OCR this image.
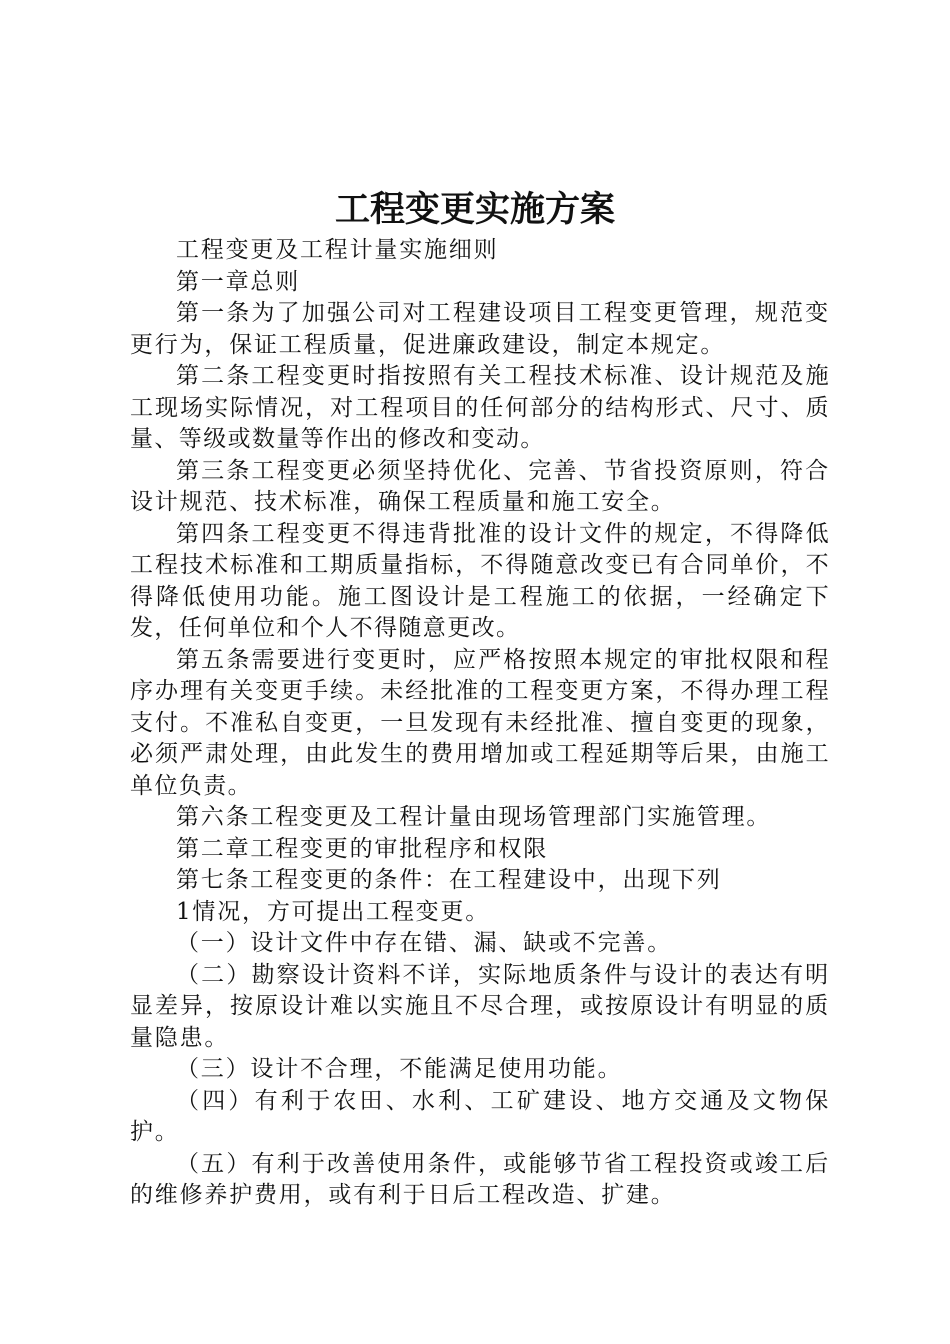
工程变更实施方案

工程变更及工程计量实施细则

第一章总则

第一条为了加强公司对工程建设项目工程变更管理，规范变更行为，保证工程质量，促进廉政建设，制定本规定。

第二条工程变更时指按照有关工程技术标准、设计规范及施工现场实际情况，对工程项目的任何部分的结构形式、尺寸、质量、等级或数量等作出的修改和变动。

第三条工程变更必须坚持优化、完善、节省投资原则，符合设计规范、技术标准，确保工程质量和施工安全。

第四条工程变更不得违背批准的设计文件的规定，不得降低工程技术标准和工期质量指标，不得随意改变已有合同单价，不得降低使用功能。施工图设计是工程施工的依据，一经确定下发，任何单位和个人不得随意更改。

第五条需要进行变更时，应严格按照本规定的审批权限和程序办理有关变更手续。未经批准的工程变更方案，不得办理工程支付。不准私自变更，一旦发现有未经批准、擅自变更的现象，必须严肃处理，由此发生的费用增加或工程延期等后果，由施工单位负责。

第六条工程变更及工程计量由现场管理部门实施管理。

第二章工程变更的审批程序和权限

第七条工程变更的条件：在工程建设中，出现下列

1情况，方可提出工程变更。

（一）设计文件中存在错、漏、缺或不完善。

（二）勘察设计资料不详，实际地质条件与设计的表达有明显差异，按原设计难以实施且不尽合理，或按原设计有明显的质量隐患。

（三）设计不合理，不能满足使用功能。

（四）有利于农田、水利、工矿建设、地方交通及文物保护。

（五）有利于改善使用条件，或能够节省工程投资或竣工后的维修养护费用，或有利于日后工程改造、扩建。
